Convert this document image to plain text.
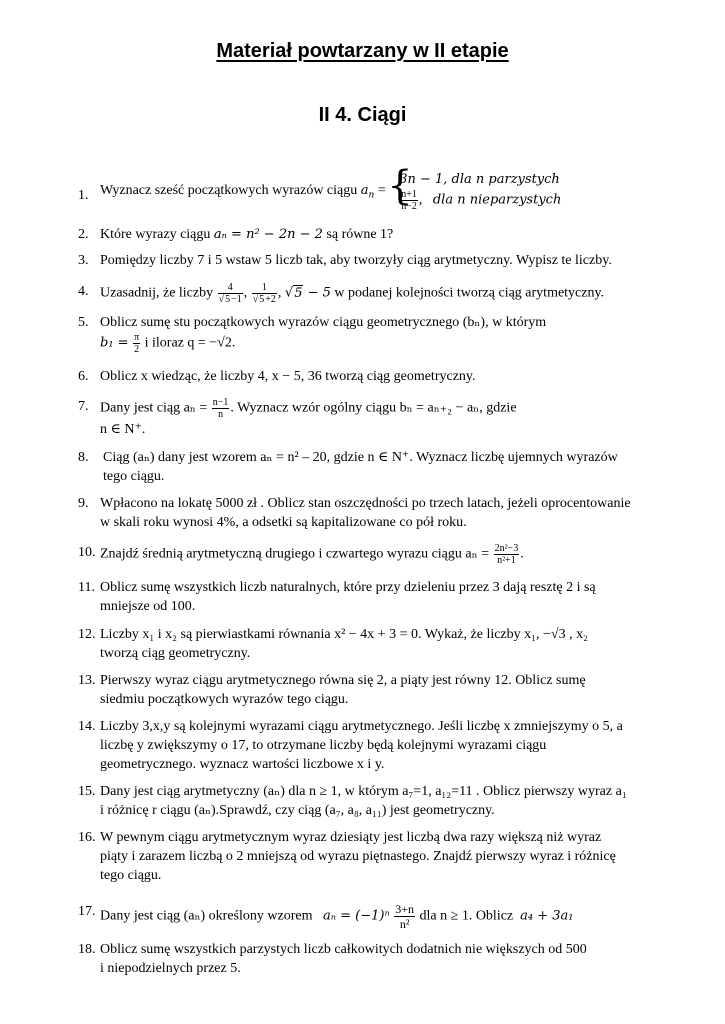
Materiał powtarzany w II etapie
II 4. Ciągi
1. Wyznacz sześć początkowych wyrazów ciągu $a_n$ = { 3n − 1, dla n parzystych

$\frac{n+1}{n-2}$ ,   dla n nieparzystych
2. Które wyrazy ciągu aₙ = n² − 2n − 2 są równe 1?
3. Pomiędzy liczby 7 i 5 wstaw 5 liczb tak, aby tworzyły ciąg arytmetyczny. Wypisz te liczby.
4. Uzasadnij, że liczby $\frac{4}{√5-1}$ , $\frac{1}{√5+2}$ , √5 − 5 w podanej kolejności tworzą ciąg arytmetyczny.
5. Oblicz sumę stu początkowych wyrazów ciągu geometrycznego (bₙ), w którym
$b_1 = \frac{\pi}{2}$ i iloraz q = −√2.
6. Oblicz x wiedząc, że liczby 4, x − 5, 36 tworzą ciąg geometryczny.
7. Dany jest ciąg $a_n = \frac{n-1}{n}$ . Wyznacz wzór ogólny ciągu bₙ = aₙ₊₂ − aₙ, gdzie
n ∈ N⁺.
8. Ciąg (aₙ) dany jest wzorem aₙ = n² – 20, gdzie n ∈ N⁺. Wyznacz liczbę ujemnych wyrazów
tego ciągu.
9. Wpłacono na lokatę 5000 zł . Oblicz stan oszczędności po trzech latach, jeżeli oprocentowanie
w skali roku wynosi 4%, a odsetki są kapitalizowane co pół roku.
10. Znajdź średnią arytmetyczną drugiego i czwartego wyrazu ciągu $a_n = \frac{\text{2n²−3}}{\text{n²+1}}$ .
11. Oblicz sumę wszystkich liczb naturalnych, które przy dzieleniu przez 3 dają resztę 2 i są
mniejsze od 100.
12. Liczby x₁ i x₂ są pierwiastkami równania x² − 4x + 3 = 0. Wykaż, że liczby x₁, −√3 , x₂
tworzą ciąg geometryczny.
13. Pierwszy wyraz ciągu arytmetycznego równa się 2, a piąty jest równy 12. Oblicz sumę
siedmiu początkowych wyrazów tego ciągu.
14. Liczby 3,x,y są kolejnymi wyrazami ciągu arytmetycznego. Jeśli liczbę x zmniejszymy o 5, a
liczbę y zwiększymy o 17, to otrzymane liczby będą kolejnymi wyrazami ciągu
geometrycznego. wyznacz wartości liczbowe x i y.
15. Dany jest ciąg arytmetyczny (aₙ) dla n ≥ 1, w którym a₇=1, a₁₂=11 . Oblicz pierwszy wyraz a₁
i różnicę r ciągu (aₙ).Sprawdź, czy ciąg (a₇, a₈, a₁₁) jest geometryczny.
16. W pewnym ciągu arytmetycznym wyraz dziesiąty jest liczbą dwa razy większą niż wyraz
piąty i zarazem liczbą o 2 mniejszą od wyrazu piętnastego. Znajdź pierwszy wyraz i różnicę
tego ciągu.
17. Dany jest ciąg (aₙ) określony wzorem $a_n = (-1)^n \frac{3+n}{\text{n²}}$ dla n ≥ 1. Oblicz a₄ + 3a₁
18. Oblicz sumę wszystkich parzystych liczb całkowitych dodatnich nie większych od 500
i niepodzielnych przez 5.
